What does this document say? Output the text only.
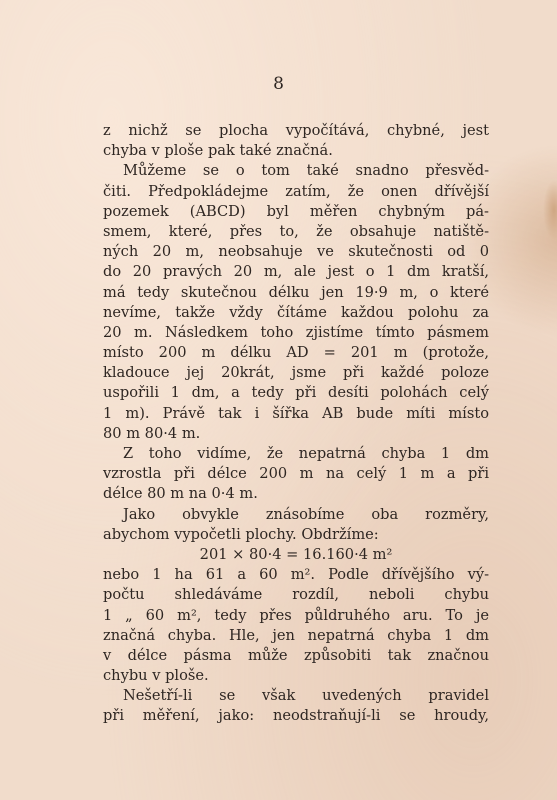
8
z nichž se plocha vypočítává, chybné, jest
chyba v ploše pak také značná.
Můžeme se o tom také snadno přesvěd-
čiti. Předpokládejme zatím, že onen dřívější
pozemek (ABCD) byl měřen chybným pá-
smem, které, přes to, že obsahuje natiště-
ných 20 m, neobsahuje ve skutečnosti od 0
do 20 pravých 20 m, ale jest o 1 dm kratší,
má tedy skutečnou délku jen 19·9 m, o které
nevíme, takže vždy čítáme každou polohu za
20 m. Následkem toho zjistíme tímto pásmem
místo 200 m délku AD = 201 m (protože,
kladouce jej 20krát, jsme při každé poloze
uspořili 1 dm, a tedy při desíti polohách celý
1 m). Právě tak i šířka AB bude míti místo
80 m 80·4 m.
Z toho vidíme, že nepatrná chyba 1 dm
vzrostla při délce 200 m na celý 1 m a při
délce 80 m na 0·4 m.
Jako obvykle znásobíme oba rozměry,
abychom vypočetli plochy. Obdržíme:
201 × 80·4 = 16.160·4 m²
nebo 1 ha 61 a 60 m². Podle dřívějšího vý-
počtu shledáváme rozdíl, neboli chybu
1 „ 60 m², tedy přes půldruhého aru. To je
značná chyba. Hle, jen nepatrná chyba 1 dm
v délce pásma může způsobiti tak značnou
chybu v ploše.
Nešetří-li se však uvedených pravidel
při měření, jako: neodstraňují-li se hroudy,
